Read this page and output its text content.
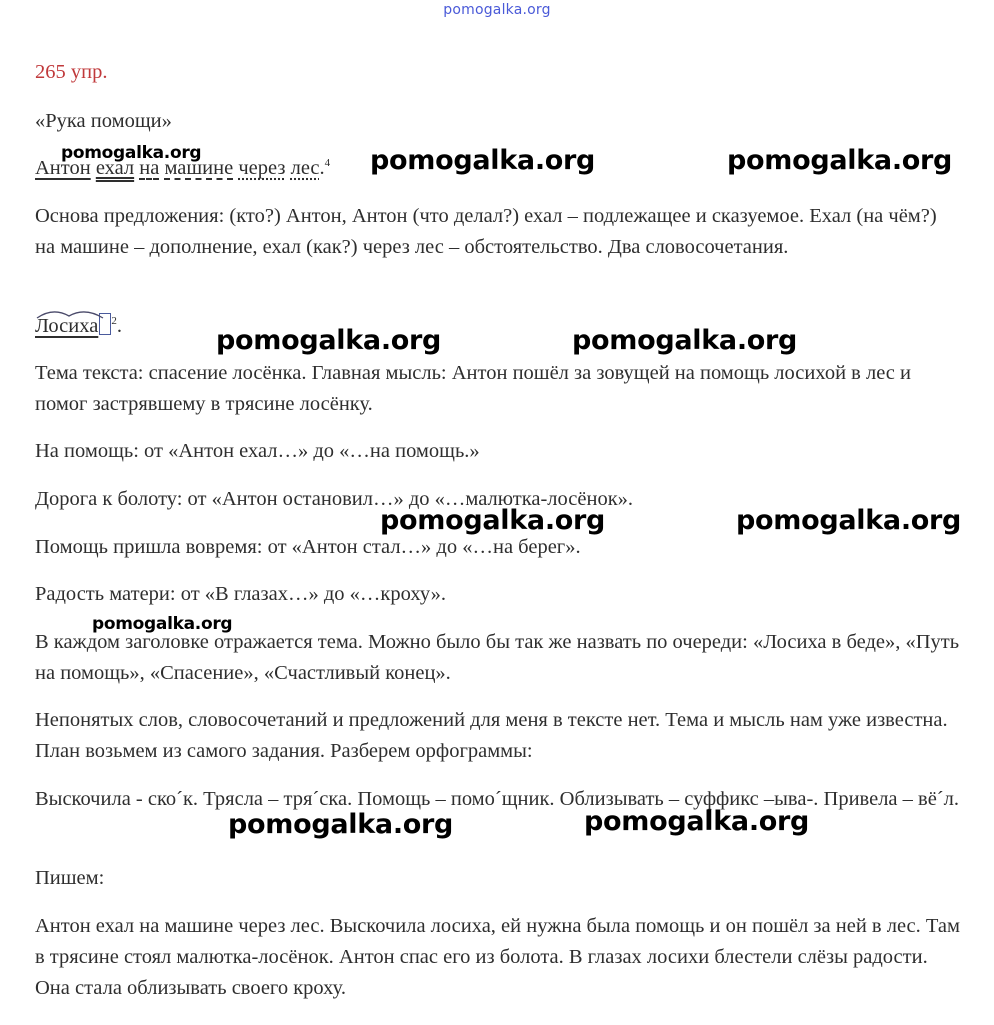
pomogalka.org

265 упр.

«Рука помощи»

Антон ехал на машине через лес.$^4$

Основа предложения: (кто?) Антон, Антон (что делал?) ехал – подлежащее и сказуемое. Ехал (на чём?) на машине – дополнение, ехал (как?) через лес – обстоятельство. Два словосочетания.

Лосиха $^2$.

Тема текста: спасение лосёнка. Главная мысль: Антон пошёл за зовущей на помощь лосихой в лес и помог застрявшему в трясине лосёнку.

На помощь: от «Антон ехал…» до «…на помощь.»

Дорога к болоту: от «Антон остановил…» до «…малютка-лосёнок».

Помощь пришла вовремя: от «Антон стал…» до «…на берег».

Радость матери: от «В глазах…» до «…кроху».

В каждом заголовке отражается тема. Можно было бы так же назвать по очереди: «Лосиха в беде», «Путь на помощь», «Спасение», «Счастливый конец».

Непонятых слов, словосочетаний и предложений для меня в тексте нет. Тема и мысль нам уже известна. План возьмем из самого задания. Разберем орфограммы:

Выскочила - ско´к. Трясла – тря´ска. Помощь – помо´щник. Облизывать – суффикс –ыва-. Привела – вё´л.

Пишем:

Антон ехал на машине через лес. Выскочила лосиха, ей нужна была помощь и он пошёл за ней в лес. Там в трясине стоял малютка-лосёнок. Антон спас его из болота. В глазах лосихи блестели слёзы радости. Она стала облизывать своего кроху.

pomogalka.org	pomogalka.org	pomogalka.org
pomogalka.org	pomogalka.org
pomogalka.org	pomogalka.org
pomogalka.org
pomogalka.org	pomogalka.org
